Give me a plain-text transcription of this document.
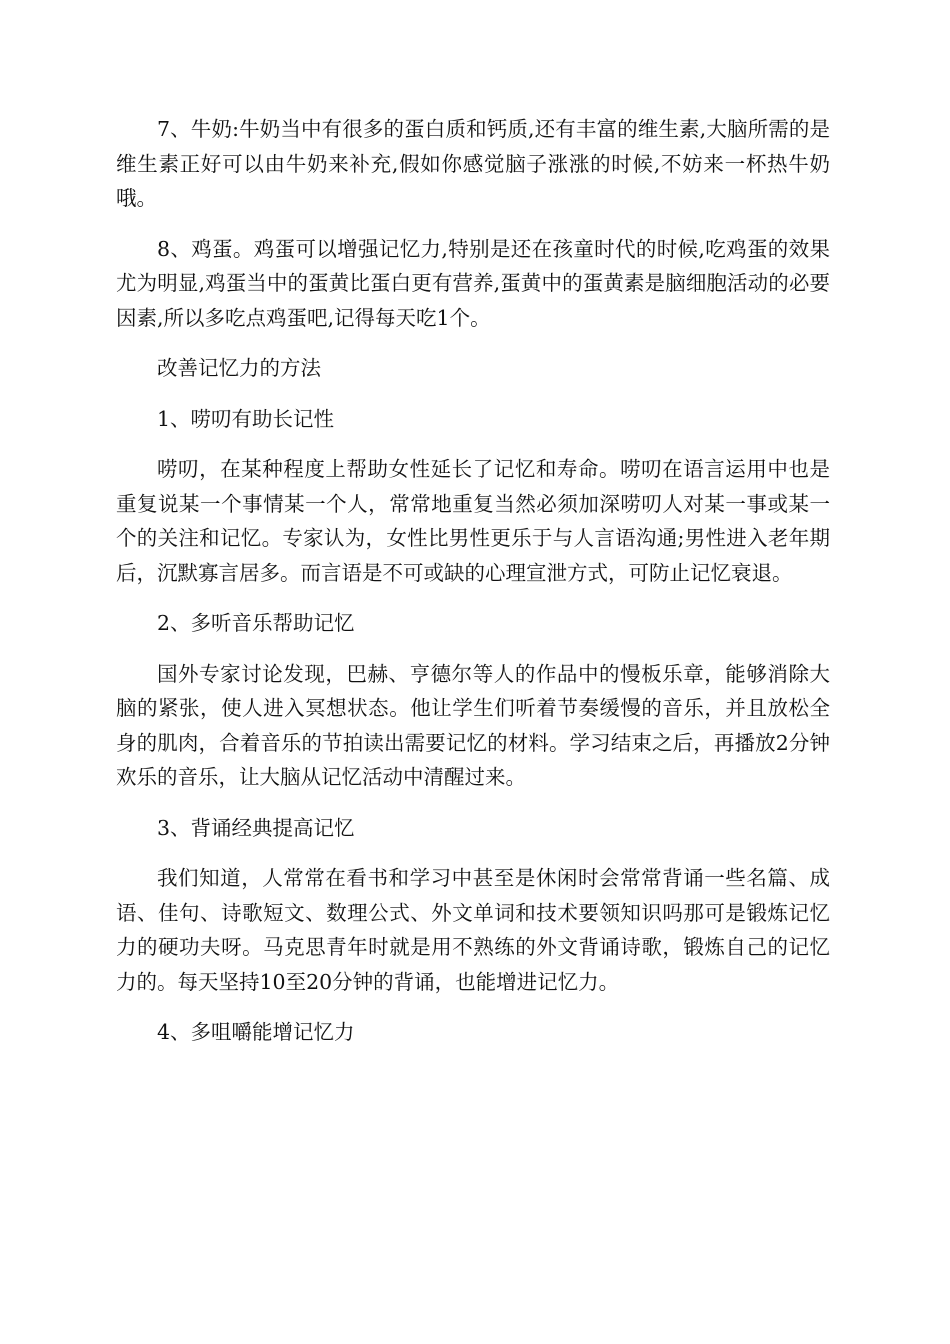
7、牛奶:牛奶当中有很多的蛋白质和钙质,还有丰富的维生素,大脑所需的是维生素正好可以由牛奶来补充,假如你感觉脑子涨涨的时候,不妨来一杯热牛奶哦。

8、鸡蛋。鸡蛋可以增强记忆力,特别是还在孩童时代的时候,吃鸡蛋的效果尤为明显,鸡蛋当中的蛋黄比蛋白更有营养,蛋黄中的蛋黄素是脑细胞活动的必要因素,所以多吃点鸡蛋吧,记得每天吃1个。

改善记忆力的方法

1、唠叨有助长记性

唠叨，在某种程度上帮助女性延长了记忆和寿命。唠叨在语言运用中也是重复说某一个事情某一个人，常常地重复当然必须加深唠叨人对某一事或某一个的关注和记忆。专家认为，女性比男性更乐于与人言语沟通;男性进入老年期后，沉默寡言居多。而言语是不可或缺的心理宣泄方式，可防止记忆衰退。

2、多听音乐帮助记忆

国外专家讨论发现，巴赫、亨德尔等人的作品中的慢板乐章，能够消除大脑的紧张，使人进入冥想状态。他让学生们听着节奏缓慢的音乐，并且放松全身的肌肉，合着音乐的节拍读出需要记忆的材料。学习结束之后，再播放2分钟欢乐的音乐，让大脑从记忆活动中清醒过来。

3、背诵经典提高记忆

我们知道，人常常在看书和学习中甚至是休闲时会常常背诵一些名篇、成语、佳句、诗歌短文、数理公式、外文单词和技术要领知识吗那可是锻炼记忆力的硬功夫呀。马克思青年时就是用不熟练的外文背诵诗歌，锻炼自己的记忆力的。每天坚持10至20分钟的背诵，也能增进记忆力。

4、多咀嚼能增记忆力
